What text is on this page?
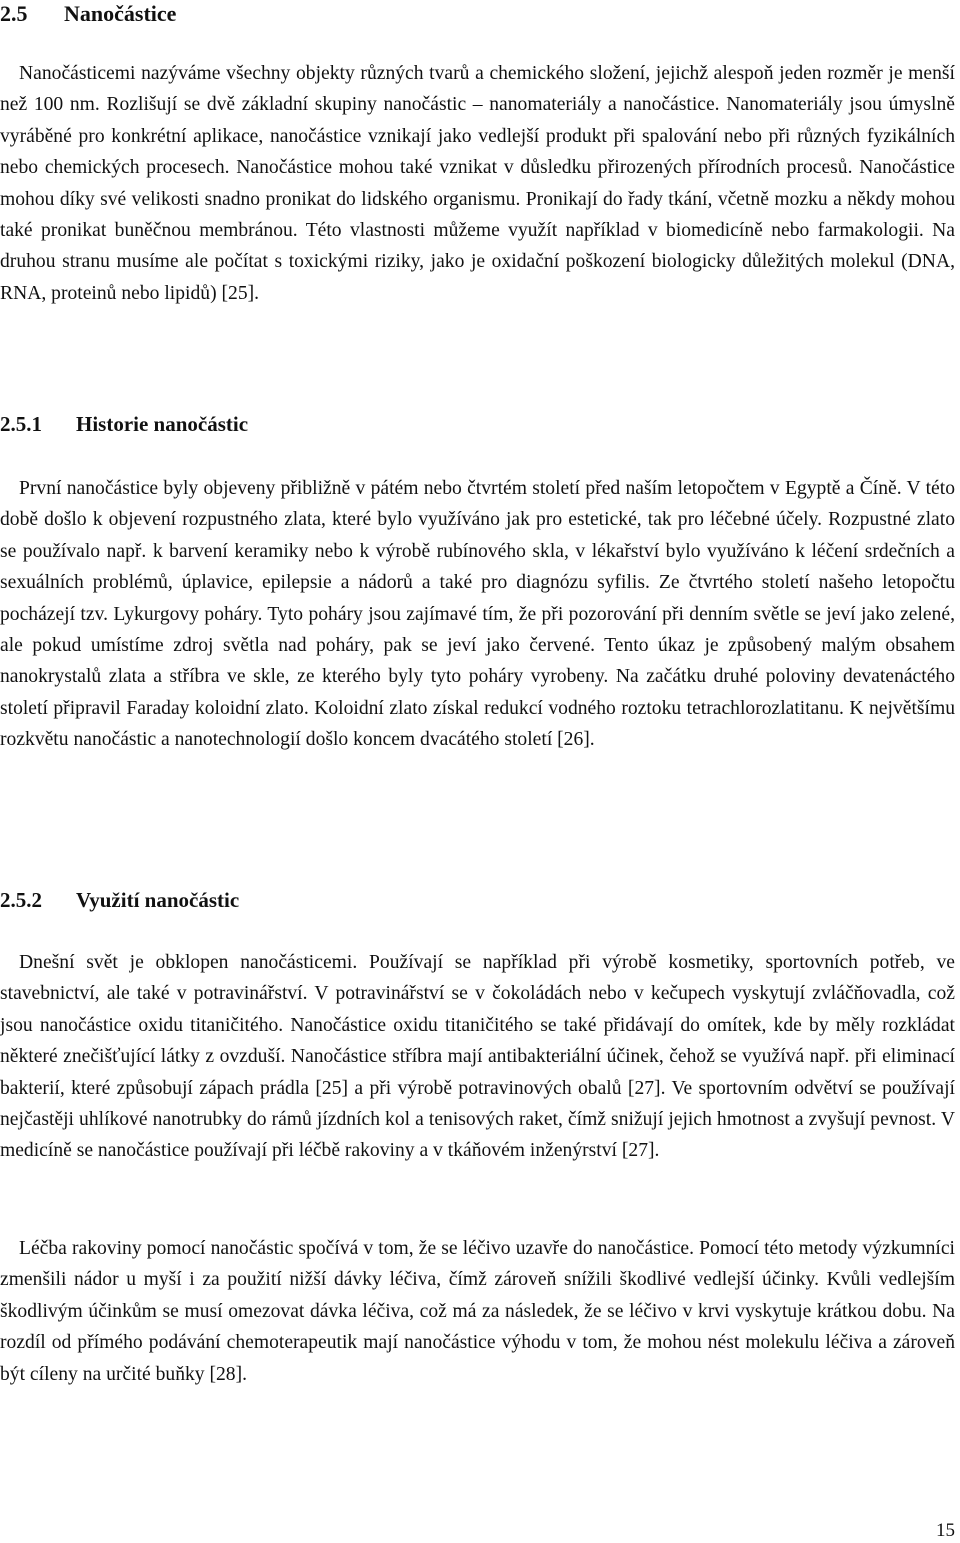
2.5 Nanočástice

Nanočásticemi nazýváme všechny objekty různých tvarů a chemického složení, jejichž alespoň jeden rozměr je menší než 100 nm. Rozlišují se dvě základní skupiny nanočástic – nanomateriály a nanočástice. Nanomateriály jsou úmyslně vyráběné pro konkrétní aplikace, nanočástice vznikají jako vedlejší produkt při spalování nebo při různých fyzikálních nebo chemických procesech. Nanočástice mohou také vznikat v důsledku přirozených přírodních procesů. Nanočástice mohou díky své velikosti snadno pronikat do lidského organismu. Pronikají do řady tkání, včetně mozku a někdy mohou také pronikat buněčnou membránou. Této vlastnosti můžeme využít například v biomedicíně nebo farmakologii. Na druhou stranu musíme ale počítat s toxickými riziky, jako je oxidační poškození biologicky důležitých molekul (DNA, RNA, proteinů nebo lipidů) [25].

2.5.1 Historie nanočástic

První nanočástice byly objeveny přibližně v pátém nebo čtvrtém století před naším letopočtem v Egyptě a Číně. V této době došlo k objevení rozpustného zlata, které bylo využíváno jak pro estetické, tak pro léčebné účely. Rozpustné zlato se používalo např. k barvení keramiky nebo k výrobě rubínového skla, v lékařství bylo využíváno k léčení srdečních a sexuálních problémů, úplavice, epilepsie a nádorů a také pro diagnózu syfilis. Ze čtvrtého století našeho letopočtu pocházejí tzv. Lykurgovy poháry. Tyto poháry jsou zajímavé tím, že při pozorování při denním světle se jeví jako zelené, ale pokud umístíme zdroj světla nad poháry, pak se jeví jako červené. Tento úkaz je způsobený malým obsahem nanokrystalů zlata a stříbra ve skle, ze kterého byly tyto poháry vyrobeny. Na začátku druhé poloviny devatenáctého století připravil Faraday koloidní zlato. Koloidní zlato získal redukcí vodného roztoku tetrachlorozlatitanu. K největšímu rozkvětu nanočástic a nanotechnologií došlo koncem dvacátého století [26].

2.5.2 Využití nanočástic

Dnešní svět je obklopen nanočásticemi. Používají se například při výrobě kosmetiky, sportovních potřeb, ve stavebnictví, ale také v potravinářství. V potravinářství se v čokoládách nebo v kečupech vyskytují zvláčňovadla, což jsou nanočástice oxidu titaničitého. Nanočástice oxidu titaničitého se také přidávají do omítek, kde by měly rozkládat některé znečišťující látky z ovzduší. Nanočástice stříbra mají antibakteriální účinek, čehož se využívá např. při eliminací bakterií, které způsobují zápach prádla [25] a při výrobě potravinových obalů [27]. Ve sportovním odvětví se používají nejčastěji uhlíkové nanotrubky do rámů jízdních kol a tenisových raket, čímž snižují jejich hmotnost a zvyšují pevnost. V medicíně se nanočástice používají při léčbě rakoviny a v tkáňovém inženýrství [27].

Léčba rakoviny pomocí nanočástic spočívá v tom, že se léčivo uzavře do nanočástice. Pomocí této metody výzkumníci zmenšili nádor u myší i za použití nižší dávky léčiva, čímž zároveň snížili škodlivé vedlejší účinky. Kvůli vedlejším škodlivým účinkům se musí omezovat dávka léčiva, což má za následek, že se léčivo v krvi vyskytuje krátkou dobu. Na rozdíl od přímého podávání chemoterapeutik mají nanočástice výhodu v tom, že mohou nést molekulu léčiva a zároveň být cíleny na určité buňky [28].

15
